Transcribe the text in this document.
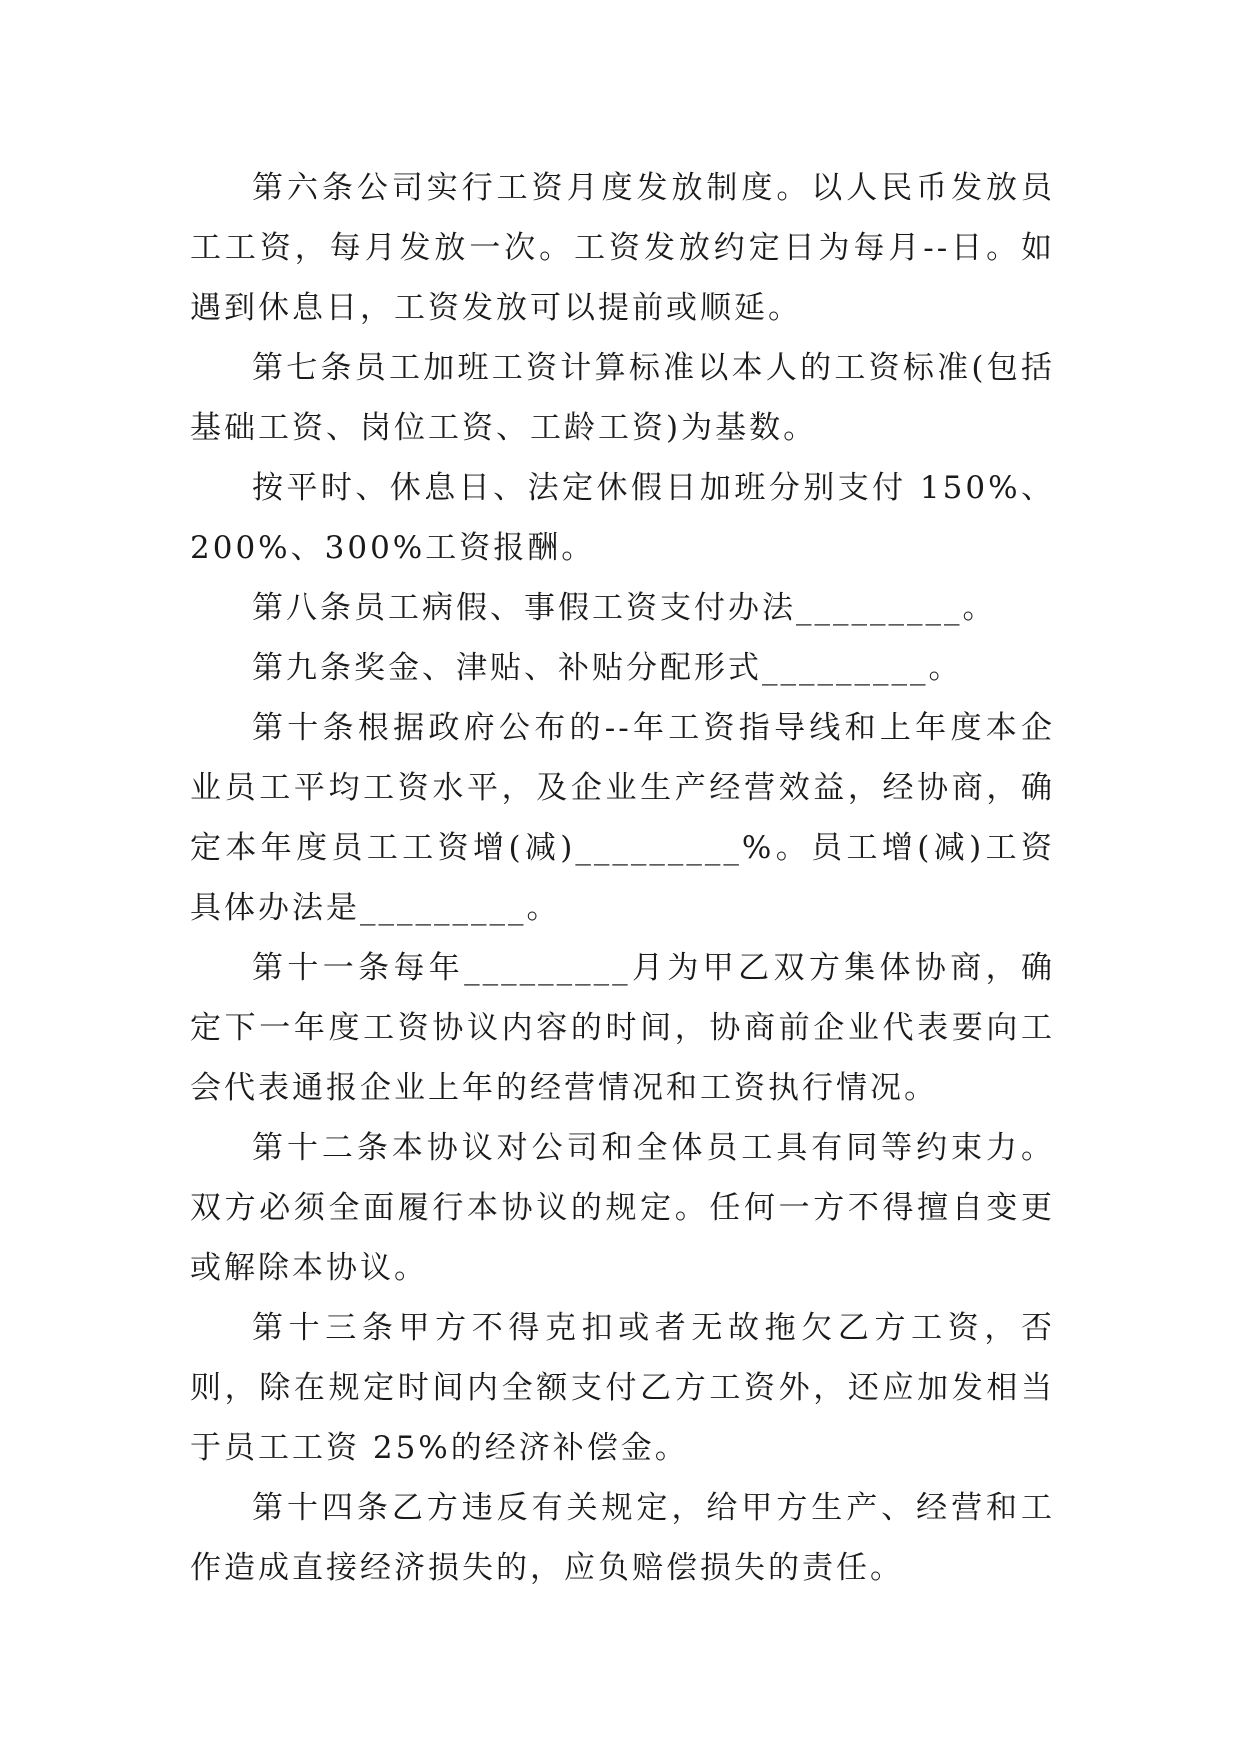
第六条公司实行工资月度发放制度。以人民币发放员工工资，每月发放一次。工资发放约定日为每月--日。如遇到休息日，工资发放可以提前或顺延。

第七条员工加班工资计算标准以本人的工资标准(包括基础工资、岗位工资、工龄工资)为基数。

按平时、休息日、法定休假日加班分别支付 150%、200%、300%工资报酬。

第八条员工病假、事假工资支付办法_________。

第九条奖金、津贴、补贴分配形式_________。

第十条根据政府公布的--年工资指导线和上年度本企业员工平均工资水平，及企业生产经营效益，经协商，确定本年度员工工资增(减)_________%。员工增(减)工资具体办法是_________。

第十一条每年_________月为甲乙双方集体协商，确定下一年度工资协议内容的时间，协商前企业代表要向工会代表通报企业上年的经营情况和工资执行情况。

第十二条本协议对公司和全体员工具有同等约束力。双方必须全面履行本协议的规定。任何一方不得擅自变更或解除本协议。

第十三条甲方不得克扣或者无故拖欠乙方工资，否则，除在规定时间内全额支付乙方工资外，还应加发相当于员工工资 25%的经济补偿金。

第十四条乙方违反有关规定，给甲方生产、经营和工作造成直接经济损失的，应负赔偿损失的责任。
